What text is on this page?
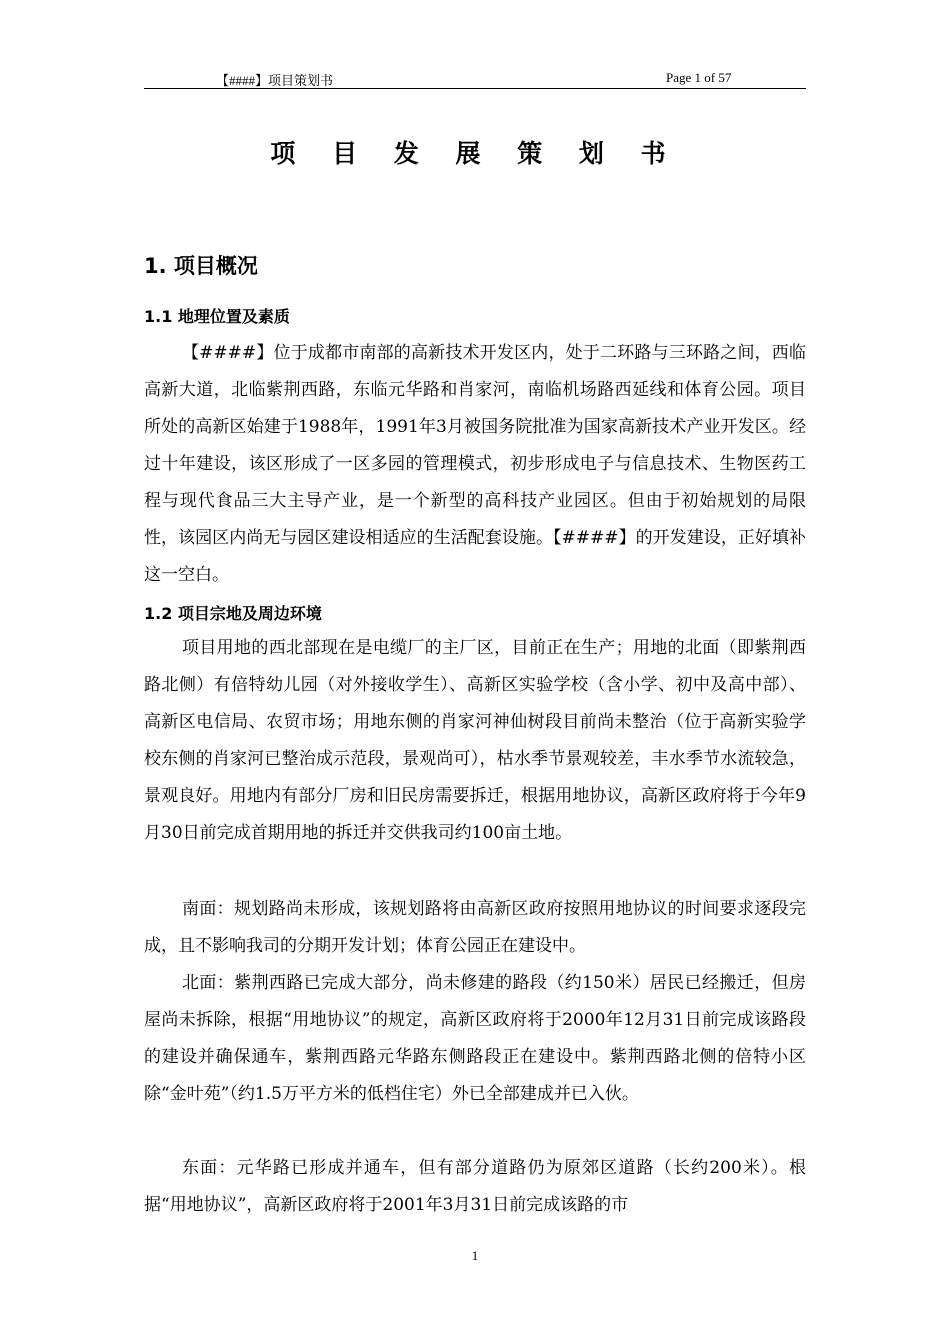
【####】项目策划书	Page 1 of 57
项 目 发 展 策 划 书
1. 项目概况
1.1 地理位置及素质

【####】位于成都市南部的高新技术开发区内，处于二环路与三环路之间，西临高新大道，北临紫荆西路，东临元华路和肖家河，南临机场路西延线和体育公园。项目所处的高新区始建于1988年，1991年3月被国务院批准为国家高新技术产业开发区。经过十年建设，该区形成了一区多园的管理模式，初步形成电子与信息技术、生物医药工程与现代食品三大主导产业，是一个新型的高科技产业园区。但由于初始规划的局限性，该园区内尚无与园区建设相适应的生活配套设施。【####】的开发建设，正好填补这一空白。

1.2 项目宗地及周边环境

项目用地的西北部现在是电缆厂的主厂区，目前正在生产；用地的北面（即紫荆西路北侧）有倍特幼儿园（对外接收学生）、高新区实验学校（含小学、初中及高中部）、高新区电信局、农贸市场；用地东侧的肖家河神仙树段目前尚未整治（位于高新实验学校东侧的肖家河已整治成示范段，景观尚可），枯水季节景观较差，丰水季节水流较急，景观良好。用地内有部分厂房和旧民房需要拆迁，根据用地协议，高新区政府将于今年9月30日前完成首期用地的拆迁并交供我司约100亩土地。

南面：规划路尚未形成，该规划路将由高新区政府按照用地协议的时间要求逐段完成，且不影响我司的分期开发计划；体育公园正在建设中。

北面：紫荆西路已完成大部分，尚未修建的路段（约150米）居民已经搬迁，但房屋尚未拆除，根据“用地协议”的规定，高新区政府将于2000年12月31日前完成该路段的建设并确保通车，紫荆西路元华路东侧路段正在建设中。紫荆西路北侧的倍特小区除“金叶苑”（约1.5万平方米的低档住宅）外已全部建成并已入伙。

东面：元华路已形成并通车，但有部分道路仍为原郊区道路（长约200米）。根据“用地协议”，高新区政府将于2001年3月31日前完成该路的市

1
